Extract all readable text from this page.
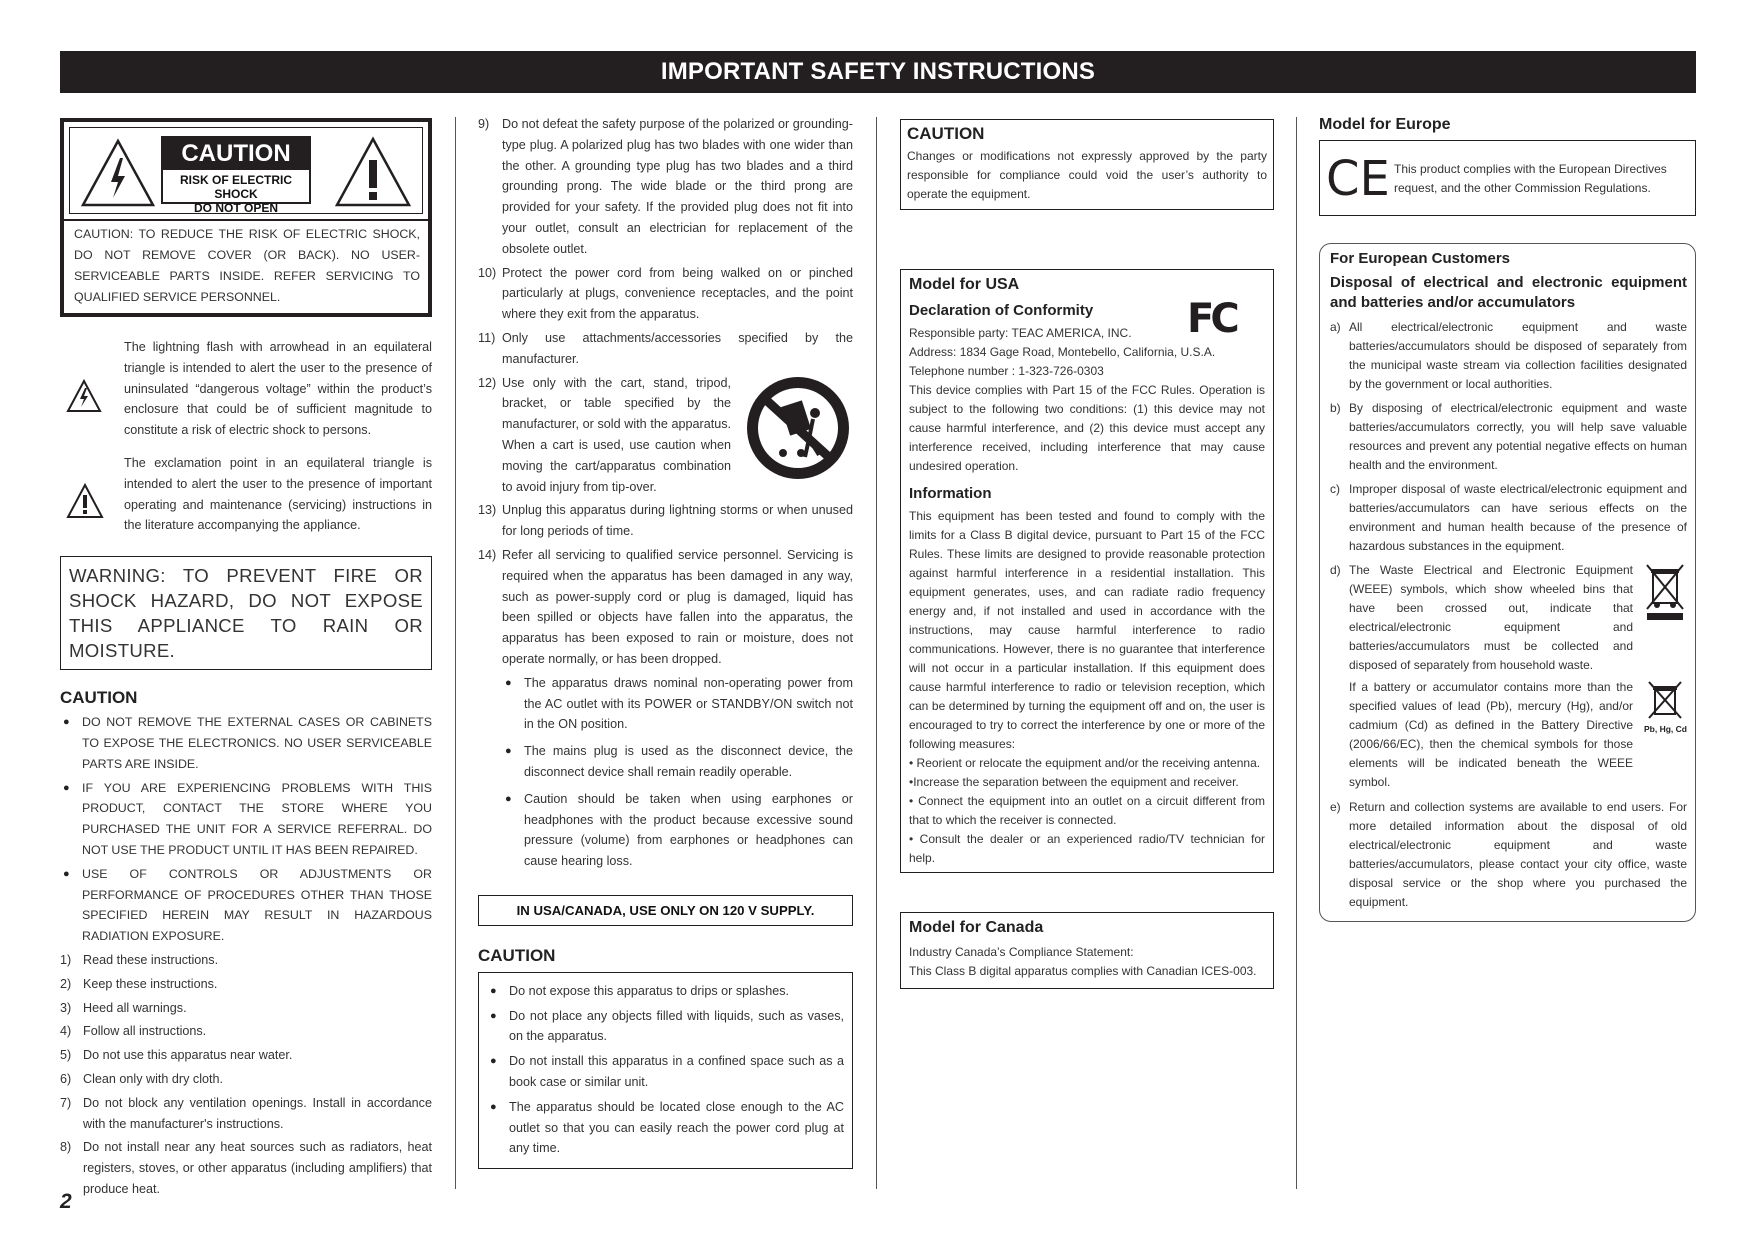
IMPORTANT SAFETY INSTRUCTIONS
CAUTION
RISK OF ELECTRIC SHOCK
DO NOT OPEN
CAUTION: TO REDUCE THE RISK OF ELECTRIC SHOCK, DO NOT REMOVE COVER (OR BACK). NO USER-SERVICEABLE PARTS INSIDE. REFER SERVICING TO QUALIFIED SERVICE PERSONNEL.
The lightning flash with arrowhead in an equilateral triangle is intended to alert the user to the presence of uninsulated “dangerous voltage” within the product’s enclosure that could be of sufficient magnitude to constitute a risk of electric shock to persons.
The exclamation point in an equilateral triangle is intended to alert the user to the presence of important operating and maintenance (servicing) instructions in the literature accompanying the appliance.
WARNING: TO PREVENT FIRE OR SHOCK HAZARD, DO NOT EXPOSE THIS APPLIANCE TO RAIN OR MOISTURE.
CAUTION
● DO NOT REMOVE THE EXTERNAL CASES OR CABINETS TO EXPOSE THE ELECTRONICS. NO USER SERVICEABLE PARTS ARE INSIDE.
● IF YOU ARE EXPERIENCING PROBLEMS WITH THIS PRODUCT, CONTACT THE STORE WHERE YOU PURCHASED THE UNIT FOR A SERVICE REFERRAL. DO NOT USE THE PRODUCT UNTIL IT HAS BEEN REPAIRED.
● USE OF CONTROLS OR ADJUSTMENTS OR PERFORMANCE OF PROCEDURES OTHER THAN THOSE SPECIFIED HEREIN MAY RESULT IN HAZARDOUS RADIATION EXPOSURE.
1) Read these instructions.
2) Keep these instructions.
3) Heed all warnings.
4) Follow all instructions.
5) Do not use this apparatus near water.
6) Clean only with dry cloth.
7) Do not block any ventilation openings. Install in accordance with the manufacturer's instructions.
8) Do not install near any heat sources such as radiators, heat registers, stoves, or other apparatus (including amplifiers) that produce heat.
9) Do not defeat the safety purpose of the polarized or grounding-type plug. A polarized plug has two blades with one wider than the other. A grounding type plug has two blades and a third grounding prong. The wide blade or the third prong are provided for your safety. If the provided plug does not fit into your outlet, consult an electrician for replacement of the obsolete outlet.
10) Protect the power cord from being walked on or pinched particularly at plugs, convenience receptacles, and the point where they exit from the apparatus.
11) Only use attachments/accessories specified by the manufacturer.
12) Use only with the cart, stand, tripod, bracket, or table specified by the manufacturer, or sold with the apparatus. When a cart is used, use caution when moving the cart/apparatus combination to avoid injury from tip-over.
13) Unplug this apparatus during lightning storms or when unused for long periods of time.
14) Refer all servicing to qualified service personnel. Servicing is required when the apparatus has been damaged in any way, such as power-supply cord or plug is damaged, liquid has been spilled or objects have fallen into the apparatus, the apparatus has been exposed to rain or moisture, does not operate normally, or has been dropped.
● The apparatus draws nominal non-operating power from the AC outlet with its POWER or STANDBY/ON switch not in the ON position.
● The mains plug is used as the disconnect device, the disconnect device shall remain readily operable.
● Caution should be taken when using earphones or headphones with the product because excessive sound pressure (volume) from earphones or headphones can cause hearing loss.
IN USA/CANADA, USE ONLY ON 120 V SUPPLY.
CAUTION
● Do not expose this apparatus to drips or splashes.
● Do not place any objects filled with liquids, such as vases, on the apparatus.
● Do not install this apparatus in a confined space such as a book case or similar unit.
● The apparatus should be located close enough to the AC outlet so that you can easily reach the power cord plug at any time.
CAUTION
Changes or modifications not expressly approved by the party responsible for compliance could void the user’s authority to operate the equipment.
Model for USA
Declaration of Conformity	FC
Responsible party: TEAC AMERICA, INC.
Address: 1834 Gage Road, Montebello, California, U.S.A.
Telephone number : 1-323-726-0303
This device complies with Part 15 of the FCC Rules. Operation is subject to the following two conditions: (1) this device may not cause harmful interference, and (2) this device must accept any interference received, including interference that may cause undesired operation.
Information
This equipment has been tested and found to comply with the limits for a Class B digital device, pursuant to Part 15 of the FCC Rules. These limits are designed to provide reasonable protection against harmful interference in a residential installation. This equipment generates, uses, and can radiate radio frequency energy and, if not installed and used in accordance with the instructions, may cause harmful interference to radio communications. However, there is no guarantee that interference will not occur in a particular installation. If this equipment does cause harmful interference to radio or television reception, which can be determined by turning the equipment off and on, the user is encouraged to try to correct the interference by one or more of the following measures:
• Reorient or relocate the equipment and/or the receiving antenna.
•Increase the separation between the equipment and receiver.
• Connect the equipment into an outlet on a circuit different from that to which the receiver is connected.
• Consult the dealer or an experienced radio/TV technician for help.
Model for Canada
Industry Canada’s Compliance Statement:
This Class B digital apparatus complies with Canadian ICES-003.
Model for Europe
CE This product complies with the European Directives request, and the other Commission Regulations.
For European Customers
Disposal of electrical and electronic equipment and batteries and/or accumulators
a) All electrical/electronic equipment and waste batteries/accumulators should be disposed of separately from the municipal waste stream via collection facilities designated by the government or local authorities.
b) By disposing of electrical/electronic equipment and waste batteries/accumulators correctly, you will help save valuable resources and prevent any potential negative effects on human health and the environment.
c) Improper disposal of waste electrical/electronic equipment and batteries/accumulators can have serious effects on the environment and human health because of the presence of hazardous substances in the equipment.
d) The Waste Electrical and Electronic Equipment (WEEE) symbols, which show wheeled bins that have been crossed out, indicate that electrical/electronic equipment and batteries/accumulators must be collected and disposed of separately from household waste.
If a battery or accumulator contains more than the specified values of lead (Pb), mercury (Hg), and/or cadmium (Cd) as defined in the Battery Directive (2006/66/EC), then the chemical symbols for those elements will be indicated beneath the WEEE symbol.
Pb, Hg, Cd
e) Return and collection systems are available to end users. For more detailed information about the disposal of old electrical/electronic equipment and waste batteries/accumulators, please contact your city office, waste disposal service or the shop where you purchased the equipment.
2
